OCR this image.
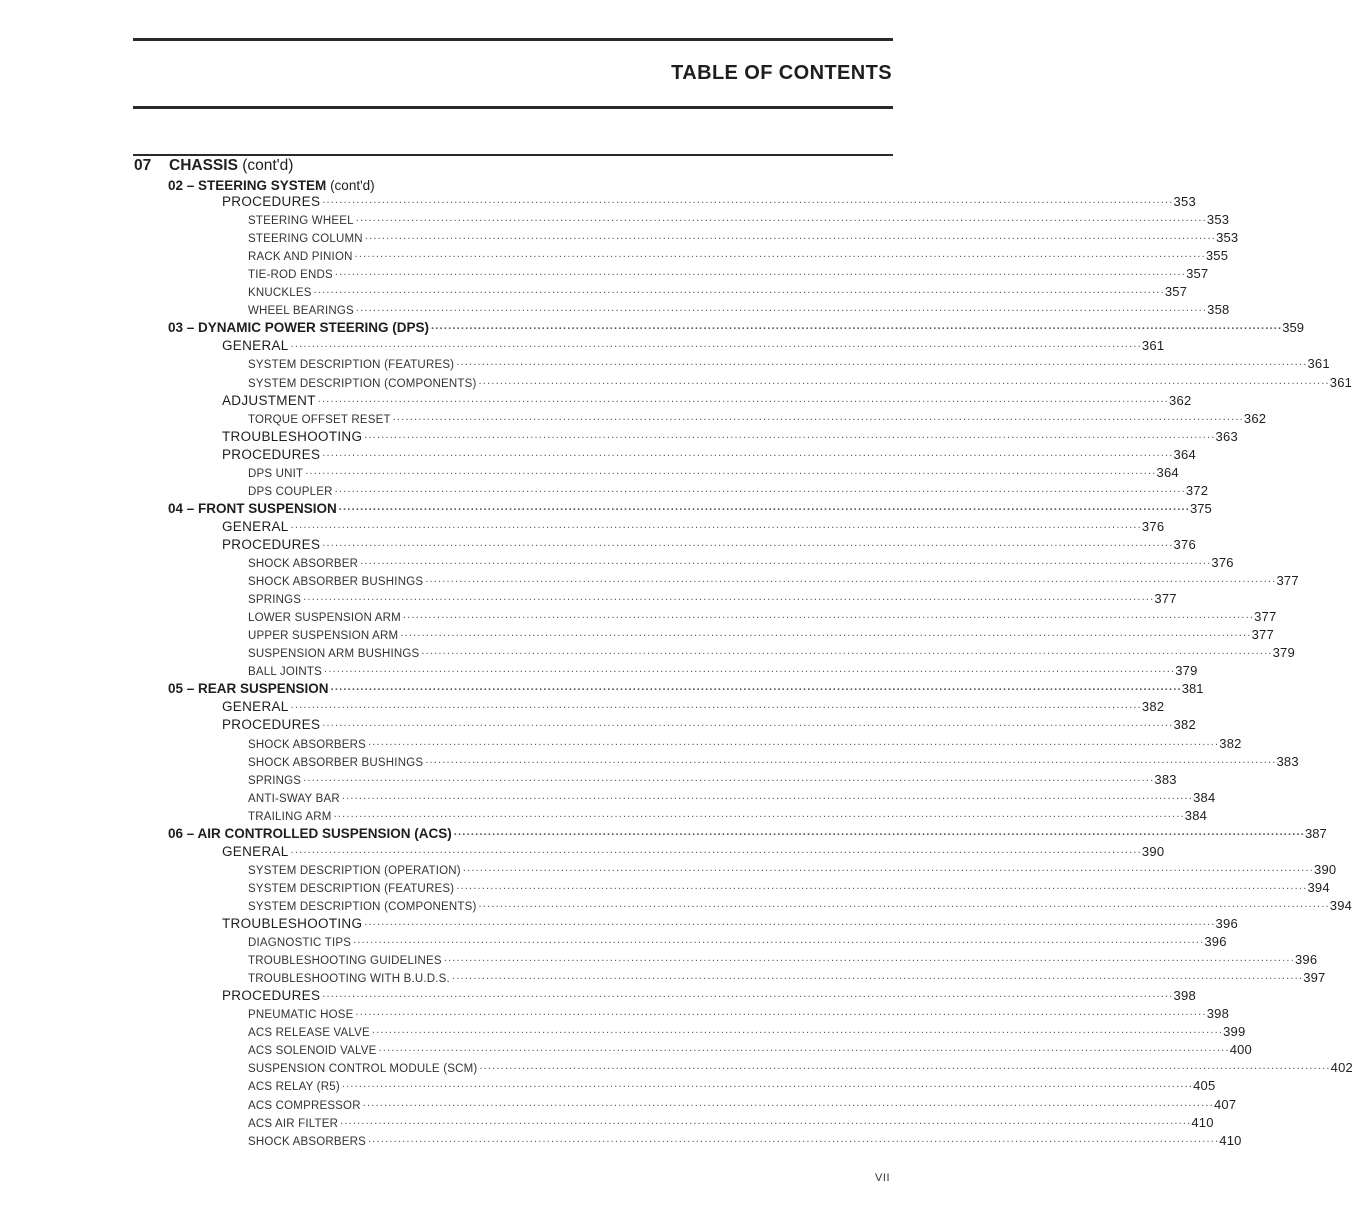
TABLE OF CONTENTS
07 CHASSIS (cont'd)
02 – STEERING SYSTEM (cont'd)
PROCEDURES ........................................................................................................................................................................................................ 353
STEERING WHEEL ........................................................................................................................................................................................................ 353
STEERING COLUMN ........................................................................................................................................................................................................ 353
RACK AND PINION ........................................................................................................................................................................................................ 355
TIE-ROD ENDS ........................................................................................................................................................................................................ 357
KNUCKLES ........................................................................................................................................................................................................ 357
WHEEL BEARINGS ........................................................................................................................................................................................................ 358
03 – DYNAMIC POWER STEERING (DPS) ........................................................................................................................................................................................................ 359
GENERAL ........................................................................................................................................................................................................ 361
SYSTEM DESCRIPTION (FEATURES) ........................................................................................................................................................................................................ 361
SYSTEM DESCRIPTION (COMPONENTS) ........................................................................................................................................................................................................ 361
ADJUSTMENT ........................................................................................................................................................................................................ 362
TORQUE OFFSET RESET ........................................................................................................................................................................................................ 362
TROUBLESHOOTING ........................................................................................................................................................................................................ 363
PROCEDURES ........................................................................................................................................................................................................ 364
DPS UNIT ........................................................................................................................................................................................................ 364
DPS COUPLER ........................................................................................................................................................................................................ 372
04 – FRONT SUSPENSION ........................................................................................................................................................................................................ 375
GENERAL ........................................................................................................................................................................................................ 376
PROCEDURES ........................................................................................................................................................................................................ 376
SHOCK ABSORBER ........................................................................................................................................................................................................ 376
SHOCK ABSORBER BUSHINGS ........................................................................................................................................................................................................ 377
SPRINGS ........................................................................................................................................................................................................ 377
LOWER SUSPENSION ARM ........................................................................................................................................................................................................ 377
UPPER SUSPENSION ARM ........................................................................................................................................................................................................ 377
SUSPENSION ARM BUSHINGS ........................................................................................................................................................................................................ 379
BALL JOINTS ........................................................................................................................................................................................................ 379
05 – REAR SUSPENSION ........................................................................................................................................................................................................ 381
GENERAL ........................................................................................................................................................................................................ 382
PROCEDURES ........................................................................................................................................................................................................ 382
SHOCK ABSORBERS ........................................................................................................................................................................................................ 382
SHOCK ABSORBER BUSHINGS ........................................................................................................................................................................................................ 383
SPRINGS ........................................................................................................................................................................................................ 383
ANTI-SWAY BAR ........................................................................................................................................................................................................ 384
TRAILING ARM ........................................................................................................................................................................................................ 384
06 – AIR CONTROLLED SUSPENSION (ACS) ........................................................................................................................................................................................................ 387
GENERAL ........................................................................................................................................................................................................ 390
SYSTEM DESCRIPTION (OPERATION) ........................................................................................................................................................................................................ 390
SYSTEM DESCRIPTION (FEATURES) ........................................................................................................................................................................................................ 394
SYSTEM DESCRIPTION (COMPONENTS) ........................................................................................................................................................................................................ 394
TROUBLESHOOTING ........................................................................................................................................................................................................ 396
DIAGNOSTIC TIPS ........................................................................................................................................................................................................ 396
TROUBLESHOOTING GUIDELINES ........................................................................................................................................................................................................ 396
TROUBLESHOOTING WITH B.U.D.S. ........................................................................................................................................................................................................ 397
PROCEDURES ........................................................................................................................................................................................................ 398
PNEUMATIC HOSE ........................................................................................................................................................................................................ 398
ACS RELEASE VALVE ........................................................................................................................................................................................................ 399
ACS SOLENOID VALVE ........................................................................................................................................................................................................ 400
SUSPENSION CONTROL MODULE (SCM) ........................................................................................................................................................................................................ 402
ACS RELAY (R5) ........................................................................................................................................................................................................ 405
ACS COMPRESSOR ........................................................................................................................................................................................................ 407
ACS AIR FILTER ........................................................................................................................................................................................................ 410
SHOCK ABSORBERS ........................................................................................................................................................................................................ 410
VII
